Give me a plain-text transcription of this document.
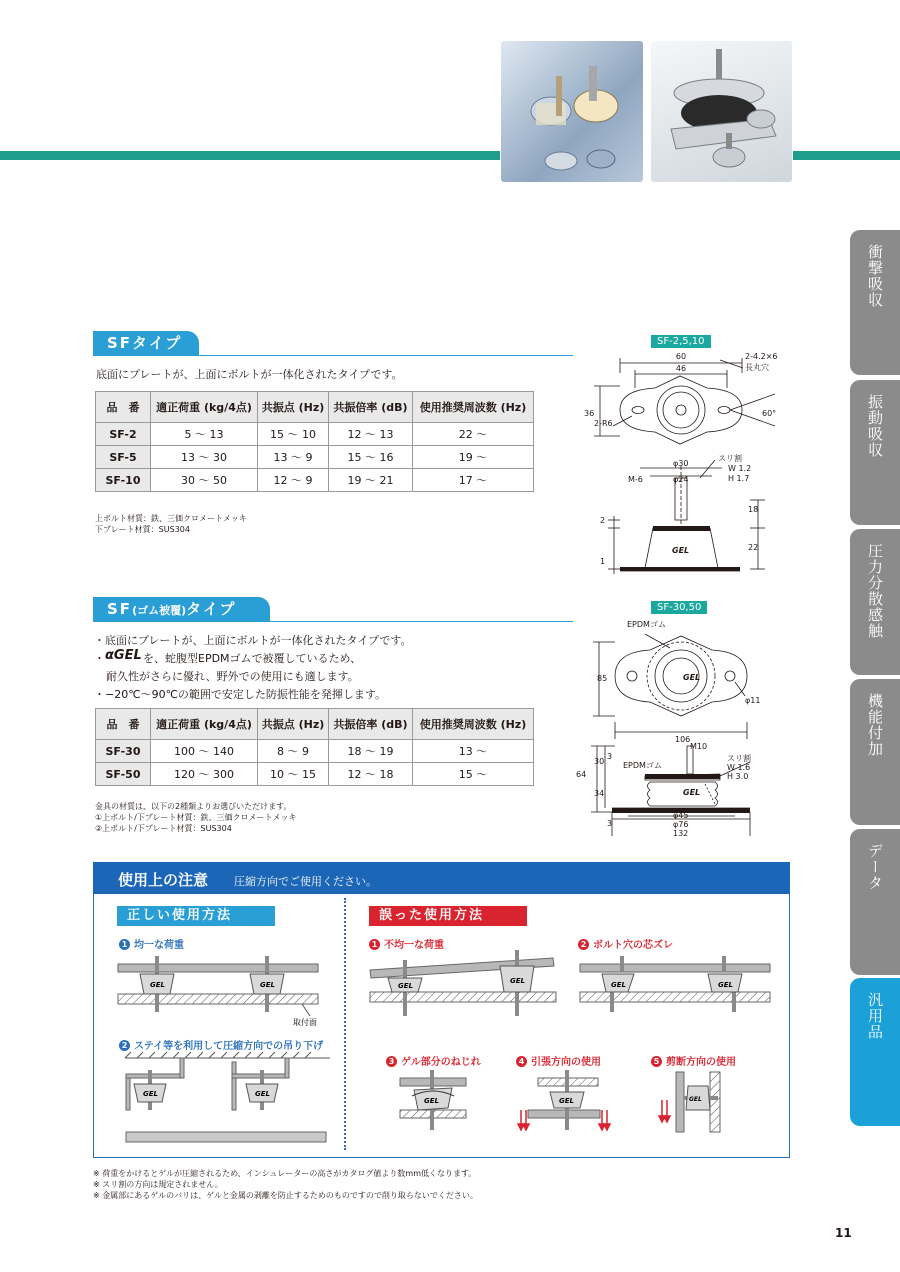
衝撃吸収
振動吸収
圧力分散感触
機能付加
データ
汎用品
SFタイプ
底面にプレートが、上面にボルトが一体化されたタイプです。
品　番	適正荷重 (kg/4点)	共振点 (Hz)	共振倍率 (dB)	使用推奨周波数 (Hz)
SF-2	5 〜 13	15 〜 10	12 〜 13	22 〜
SF-5	13 〜 30	13 〜 9	15 〜 16	19 〜
SF-10	30 〜 50	12 〜 9	19 〜 21	17 〜
上ボルト材質：鉄、三価クロメートメッキ
下プレート材質：SUS304
SF-2,5,10
60
46
2-4.2×6
長丸穴
36
2-R6
60°
スリ割
W 1.2
H 1.7
φ30
φ24
M-6
18
2
22
1
GEL
SF(ゴム被覆)タイプ
・底面にプレートが、上面にボルトが一体化されたタイプです。
・ αGEL を、蛇腹型EPDMゴムで被覆しているため、
耐久性がさらに優れ、野外での使用にも適します。
・−20℃〜90℃の範囲で安定した防振性能を発揮します。
品　番	適正荷重 (kg/4点)	共振点 (Hz)	共振倍率 (dB)	使用推奨周波数 (Hz)
SF-30	100 〜 140	8 〜 9	18 〜 19	13 〜
SF-50	120 〜 300	10 〜 15	12 〜 18	15 〜
金具の材質は、以下の2種類よりお選びいただけます。
①上ボルト/下プレート材質：鉄、三価クロメートメッキ
②上ボルト/下プレート材質：SUS304
SF-30,50
EPDMゴム
85
φ11
106
GEL
M10
スリ割
W 1.6
H 3.0
30
3
EPDMゴム
64
34
3
φ45
φ76
132
GEL
使用上の注意 圧縮方向でご使用ください。
正しい使用方法	誤った使用方法
1 均一な荷重
2 ステイ等を利用して圧縮方向での吊り下げ
1 不均一な荷重	2 ボルト穴の芯ズレ
3 ゲル部分のねじれ	4 引張方向の使用	5 剪断方向の使用
GEL	GEL
取付面
GEL	GEL
GEL
GEL	GEL	GEL
GEL	GEL	GEL
※ 荷重をかけるとゲルが圧縮されるため、インシュレーターの高さがカタログ値より数mm低くなります。
※ スリ割の方向は規定されません。
※ 金属部にあるゲルのバリは、ゲルと金属の剥離を防止するためのものですので削り取らないでください。
11
